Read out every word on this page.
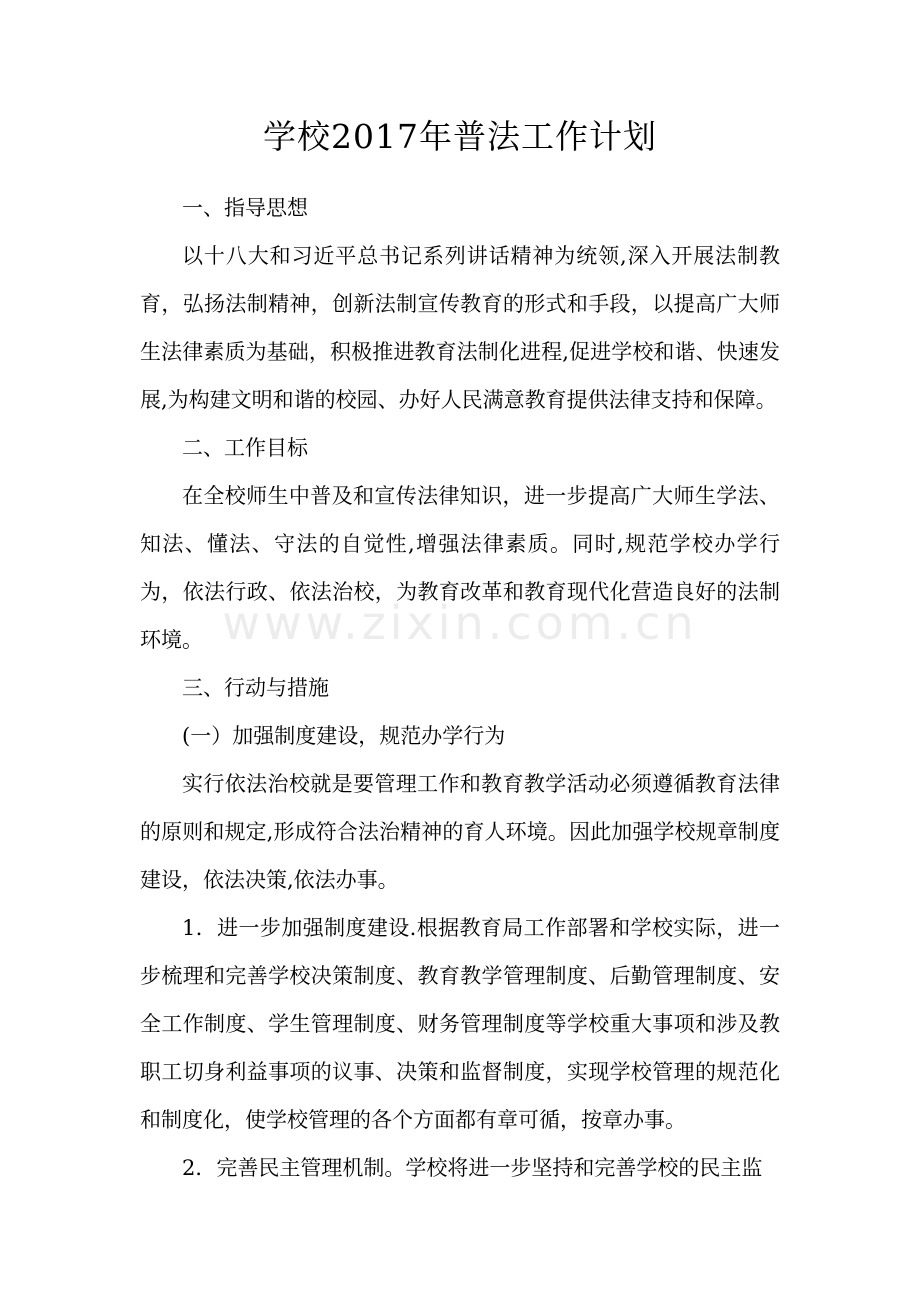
学校2017年普法工作计划

一、指导思想

以十八大和习近平总书记系列讲话精神为统领,深入开展法制教育，弘扬法制精神，创新法制宣传教育的形式和手段，以提高广大师生法律素质为基础，积极推进教育法制化进程,促进学校和谐、快速发展,为构建文明和谐的校园、办好人民满意教育提供法律支持和保障。

二、工作目标

在全校师生中普及和宣传法律知识，进一步提高广大师生学法、知法、懂法、守法的自觉性,增强法律素质。同时,规范学校办学行为，依法行政、依法治校，为教育改革和教育现代化营造良好的法制环境。

三、行动与措施

(一）加强制度建设，规范办学行为

实行依法治校就是要管理工作和教育教学活动必须遵循教育法律的原则和规定,形成符合法治精神的育人环境。因此加强学校规章制度建设，依法决策,依法办事。

1．进一步加强制度建设.根据教育局工作部署和学校实际，进一步梳理和完善学校决策制度、教育教学管理制度、后勤管理制度、安全工作制度、学生管理制度、财务管理制度等学校重大事项和涉及教职工切身利益事项的议事、决策和监督制度，实现学校管理的规范化和制度化，使学校管理的各个方面都有章可循，按章办事。

2．完善民主管理机制。学校将进一步坚持和完善学校的民主监

www.zixin.com.cn
